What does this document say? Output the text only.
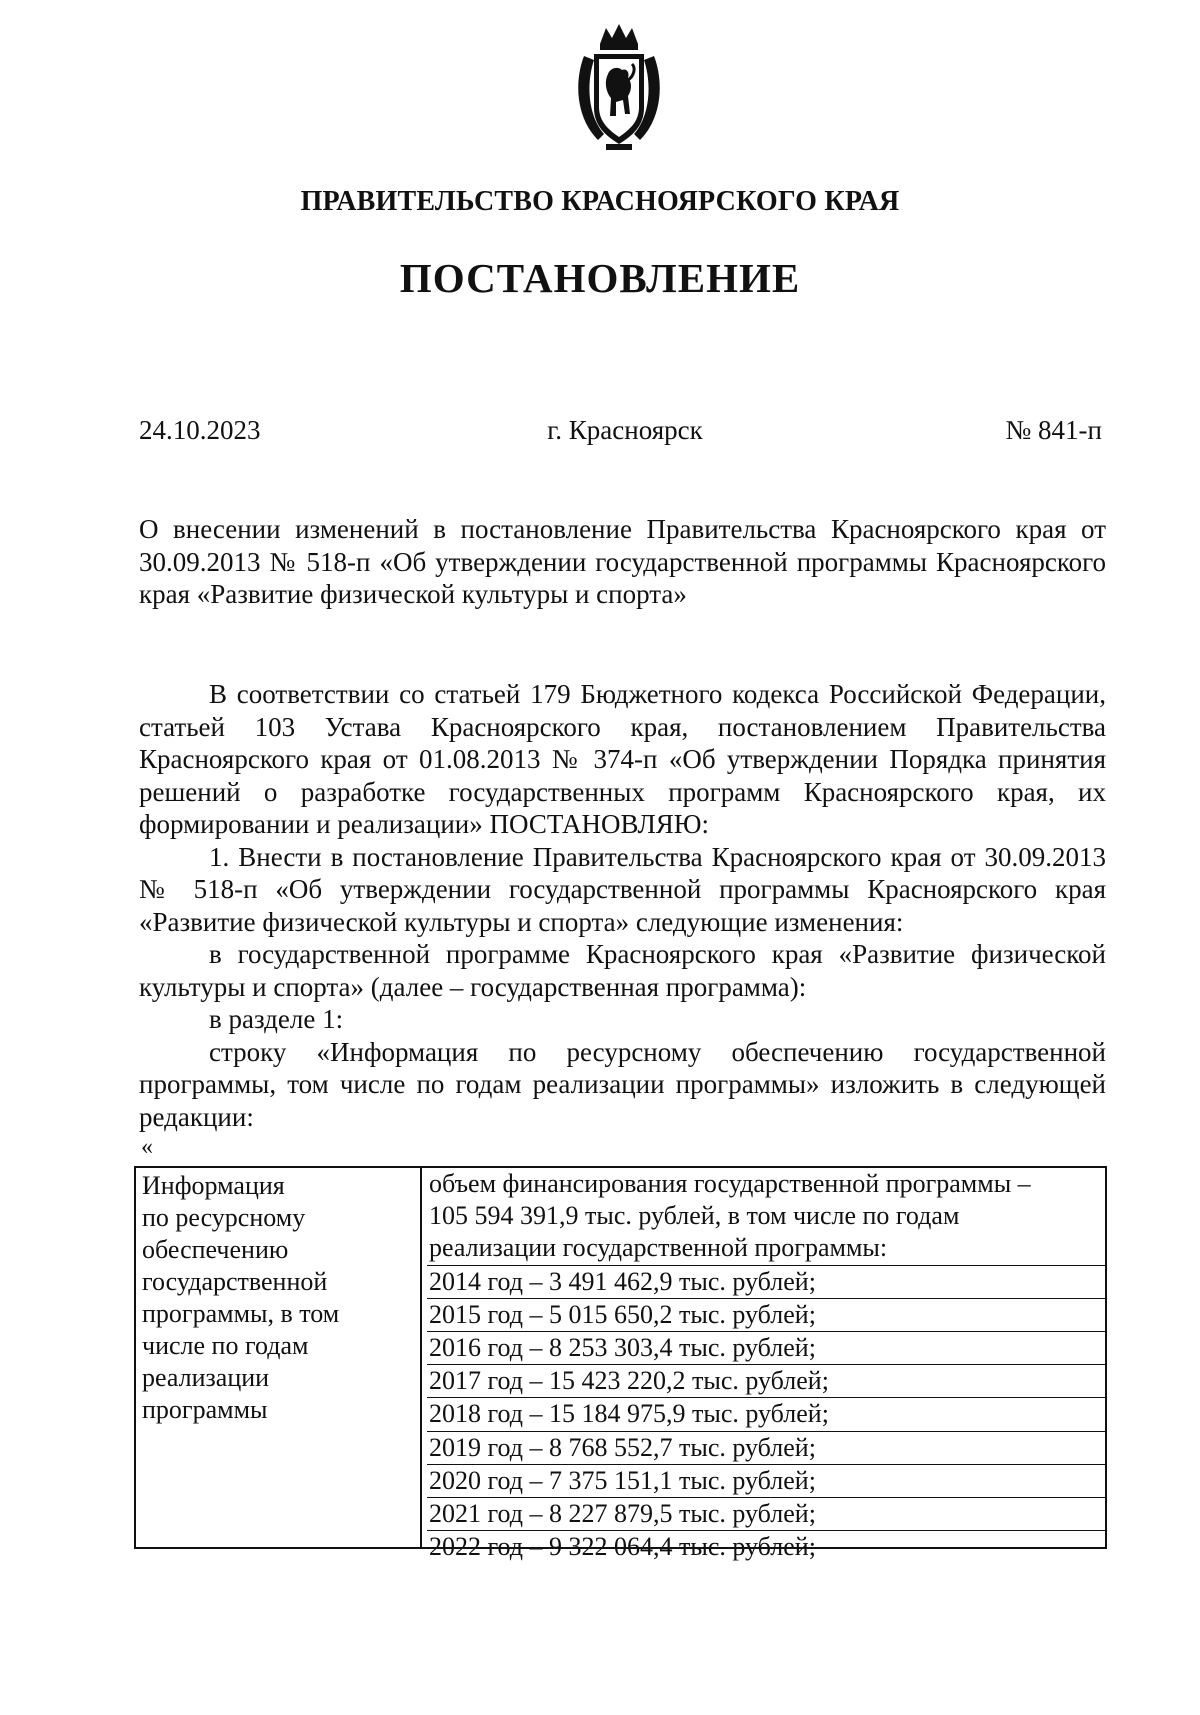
ПРАВИТЕЛЬСТВО КРАСНОЯРСКОГО КРАЯ
ПОСТАНОВЛЕНИЕ
24.10.2023	г. Красноярск	№ 841-п
О внесении изменений в постановление Правительства Красноярского края от 30.09.2013 № 518-п «Об утверждении государственной программы Красноярского края «Развитие физической культуры и спорта»
В соответствии со статьей 179 Бюджетного кодекса Российской Федерации, статьей 103 Устава Красноярского края, постановлением Правительства Красноярского края от 01.08.2013 № 374-п «Об утверждении Порядка принятия решений о разработке государственных программ Красноярского края, их формировании и реализации» ПОСТАНОВЛЯЮ:
1. Внести в постановление Правительства Красноярского края от 30.09.2013 № 518-п «Об утверждении государственной программы Красноярского края «Развитие физической культуры и спорта» следующие изменения:
в государственной программе Красноярского края «Развитие физической культуры и спорта» (далее – государственная программа):
в разделе 1:
строку «Информация по ресурсному обеспечению государственной программы, том числе по годам реализации программы» изложить в следующей редакции:
«
Информация
по ресурсному
обеспечению
государственной
программы, в том
числе по годам
реализации
программы
объем финансирования государственной программы –
105 594 391,9 тыс. рублей, в том числе по годам
реализации государственной программы:
2014 год – 3 491 462,9 тыс. рублей;
2015 год – 5 015 650,2 тыс. рублей;
2016 год – 8 253 303,4 тыс. рублей;
2017 год – 15 423 220,2 тыс. рублей;
2018 год – 15 184 975,9 тыс. рублей;
2019 год – 8 768 552,7 тыс. рублей;
2020 год – 7 375 151,1 тыс. рублей;
2021 год – 8 227 879,5 тыс. рублей;
2022 год – 9 322 064,4 тыс. рублей;
